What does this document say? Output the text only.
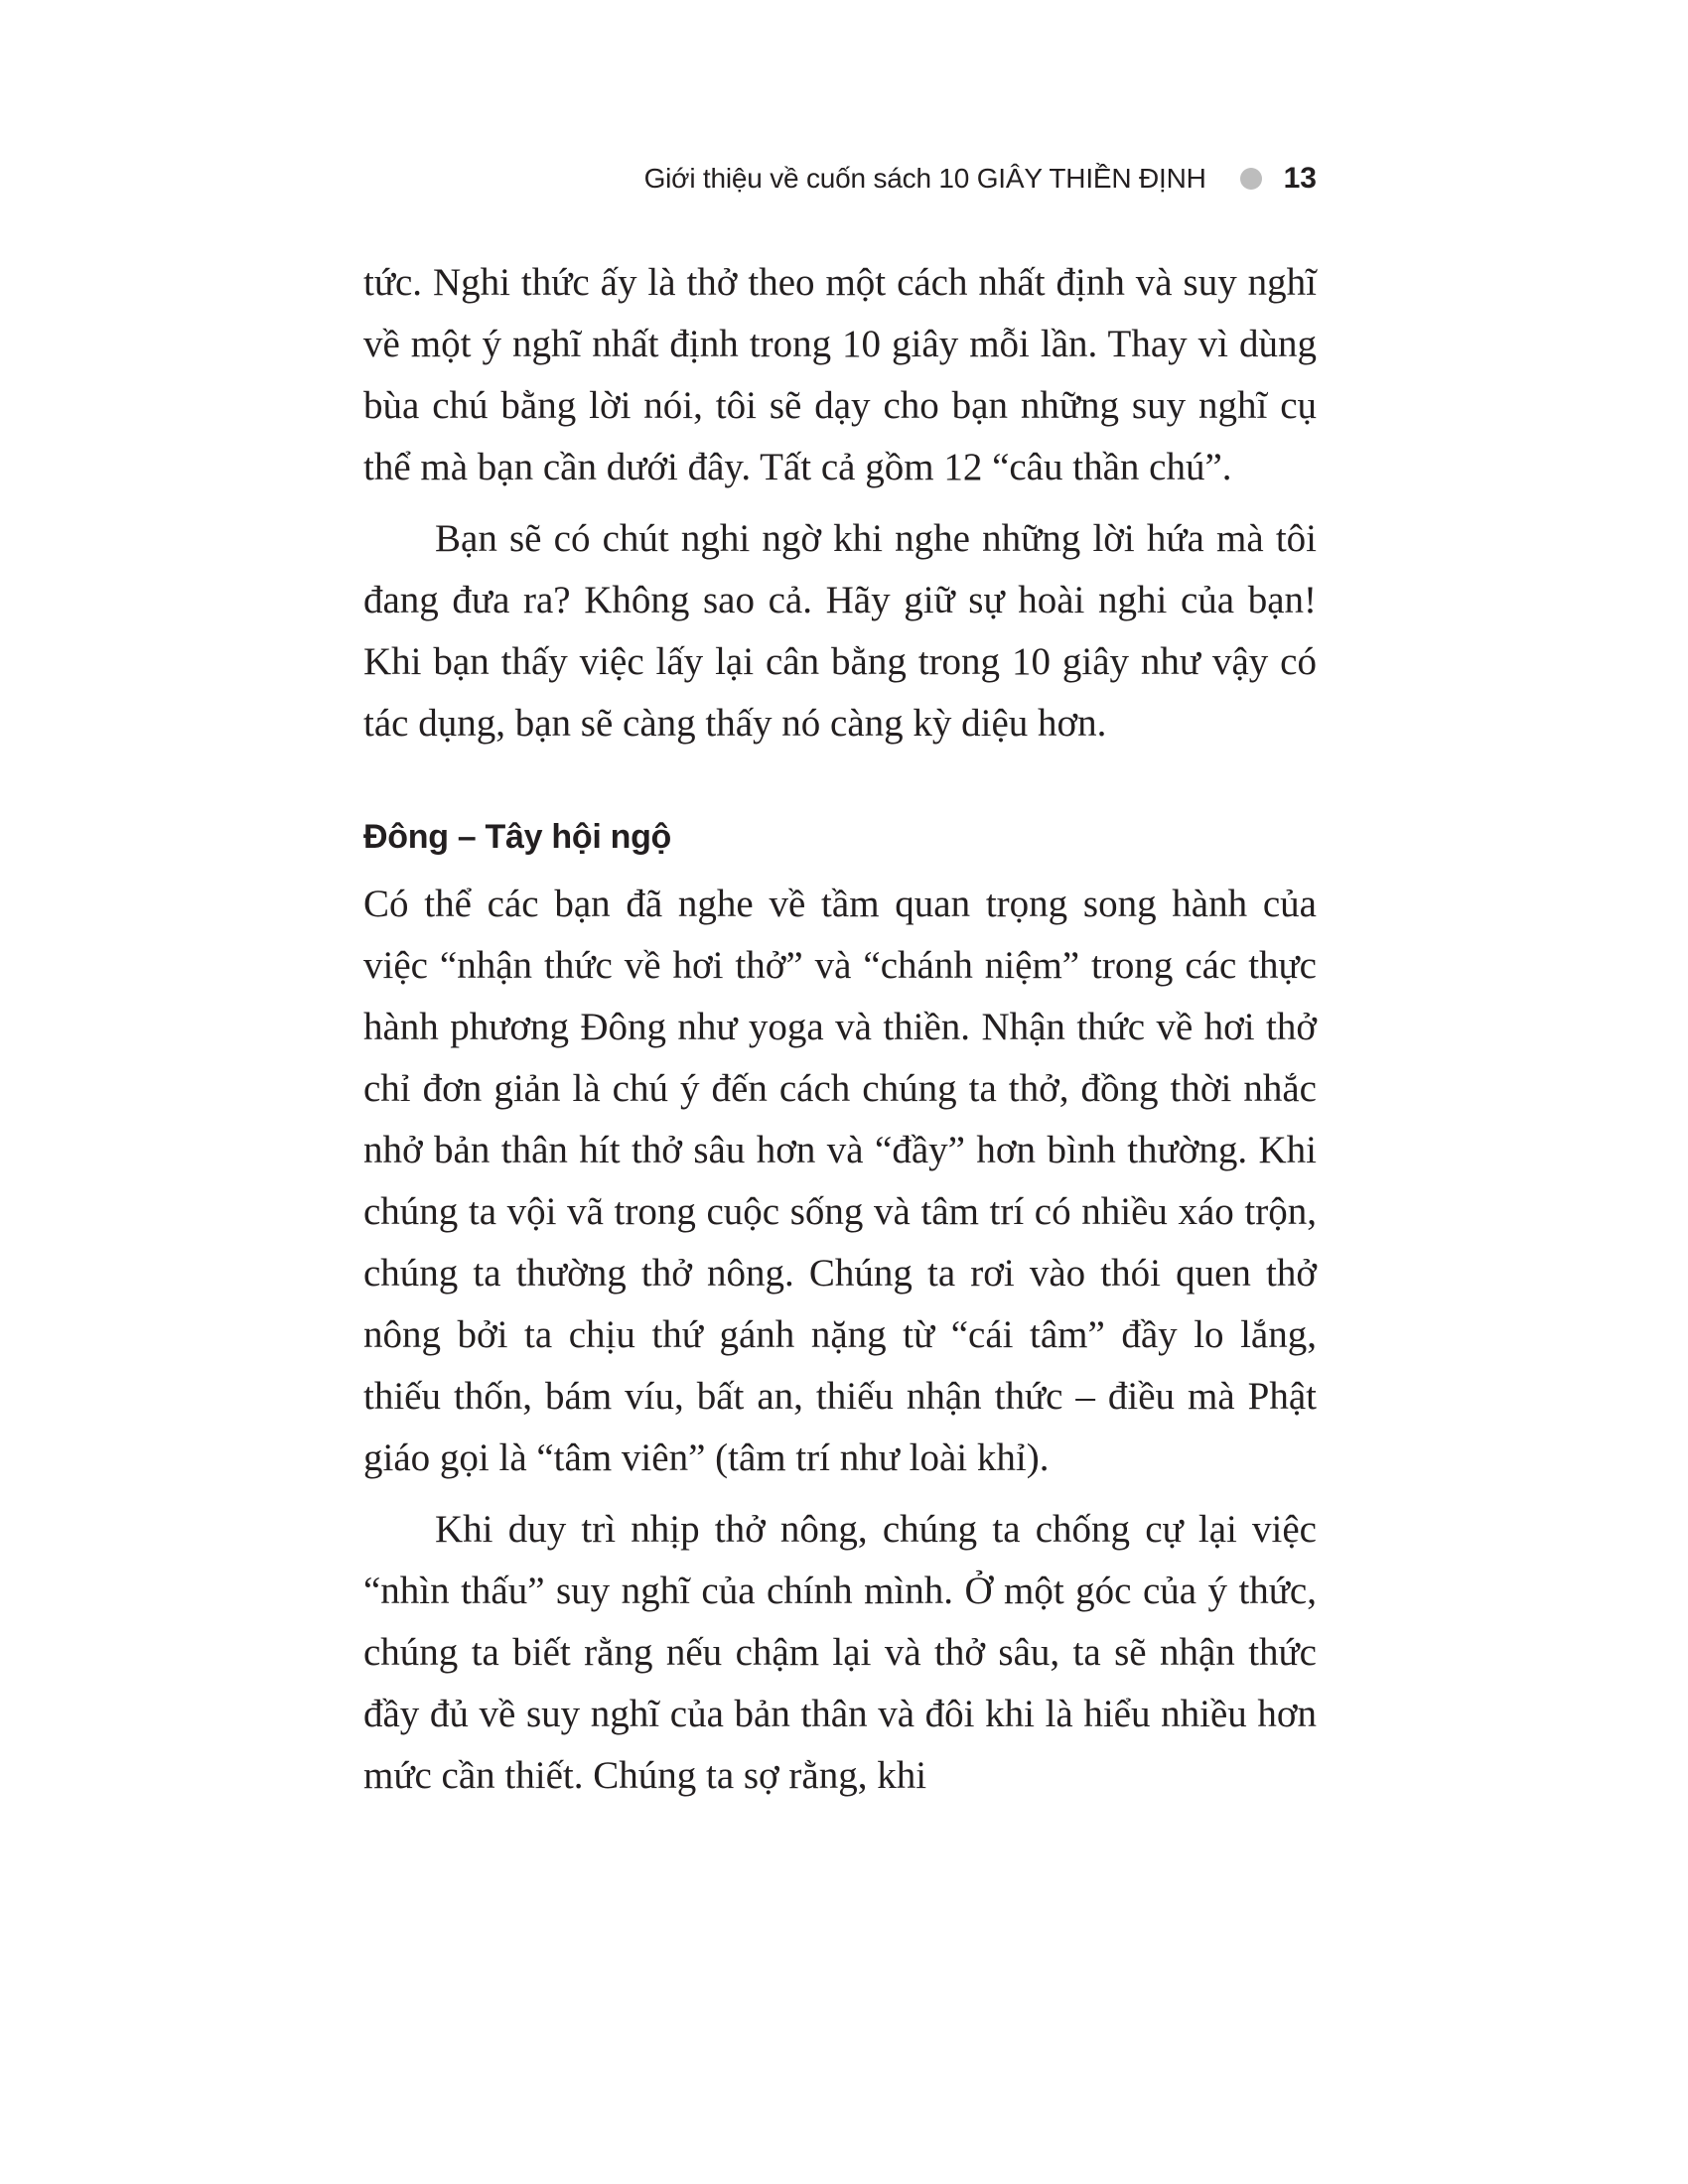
Giới thiệu về cuốn sách 10 GIÂY THIỀN ĐỊNH	13

tức. Nghi thức ấy là thở theo một cách nhất định và suy nghĩ về một ý nghĩ nhất định trong 10 giây mỗi lần. Thay vì dùng bùa chú bằng lời nói, tôi sẽ dạy cho bạn những suy nghĩ cụ thể mà bạn cần dưới đây. Tất cả gồm 12 “câu thần chú”.

Bạn sẽ có chút nghi ngờ khi nghe những lời hứa mà tôi đang đưa ra? Không sao cả. Hãy giữ sự hoài nghi của bạn! Khi bạn thấy việc lấy lại cân bằng trong 10 giây như vậy có tác dụng, bạn sẽ càng thấy nó càng kỳ diệu hơn.

Đông – Tây hội ngộ

Có thể các bạn đã nghe về tầm quan trọng song hành của việc “nhận thức về hơi thở” và “chánh niệm” trong các thực hành phương Đông như yoga và thiền. Nhận thức về hơi thở chỉ đơn giản là chú ý đến cách chúng ta thở, đồng thời nhắc nhở bản thân hít thở sâu hơn và “đầy” hơn bình thường. Khi chúng ta vội vã trong cuộc sống và tâm trí có nhiều xáo trộn, chúng ta thường thở nông. Chúng ta rơi vào thói quen thở nông bởi ta chịu thứ gánh nặng từ “cái tâm” đầy lo lắng, thiếu thốn, bám víu, bất an, thiếu nhận thức – điều mà Phật giáo gọi là “tâm viên” (tâm trí như loài khỉ).

Khi duy trì nhịp thở nông, chúng ta chống cự lại việc “nhìn thấu” suy nghĩ của chính mình. Ở một góc của ý thức, chúng ta biết rằng nếu chậm lại và thở sâu, ta sẽ nhận thức đầy đủ về suy nghĩ của bản thân và đôi khi là hiểu nhiều hơn mức cần thiết. Chúng ta sợ rằng, khi
